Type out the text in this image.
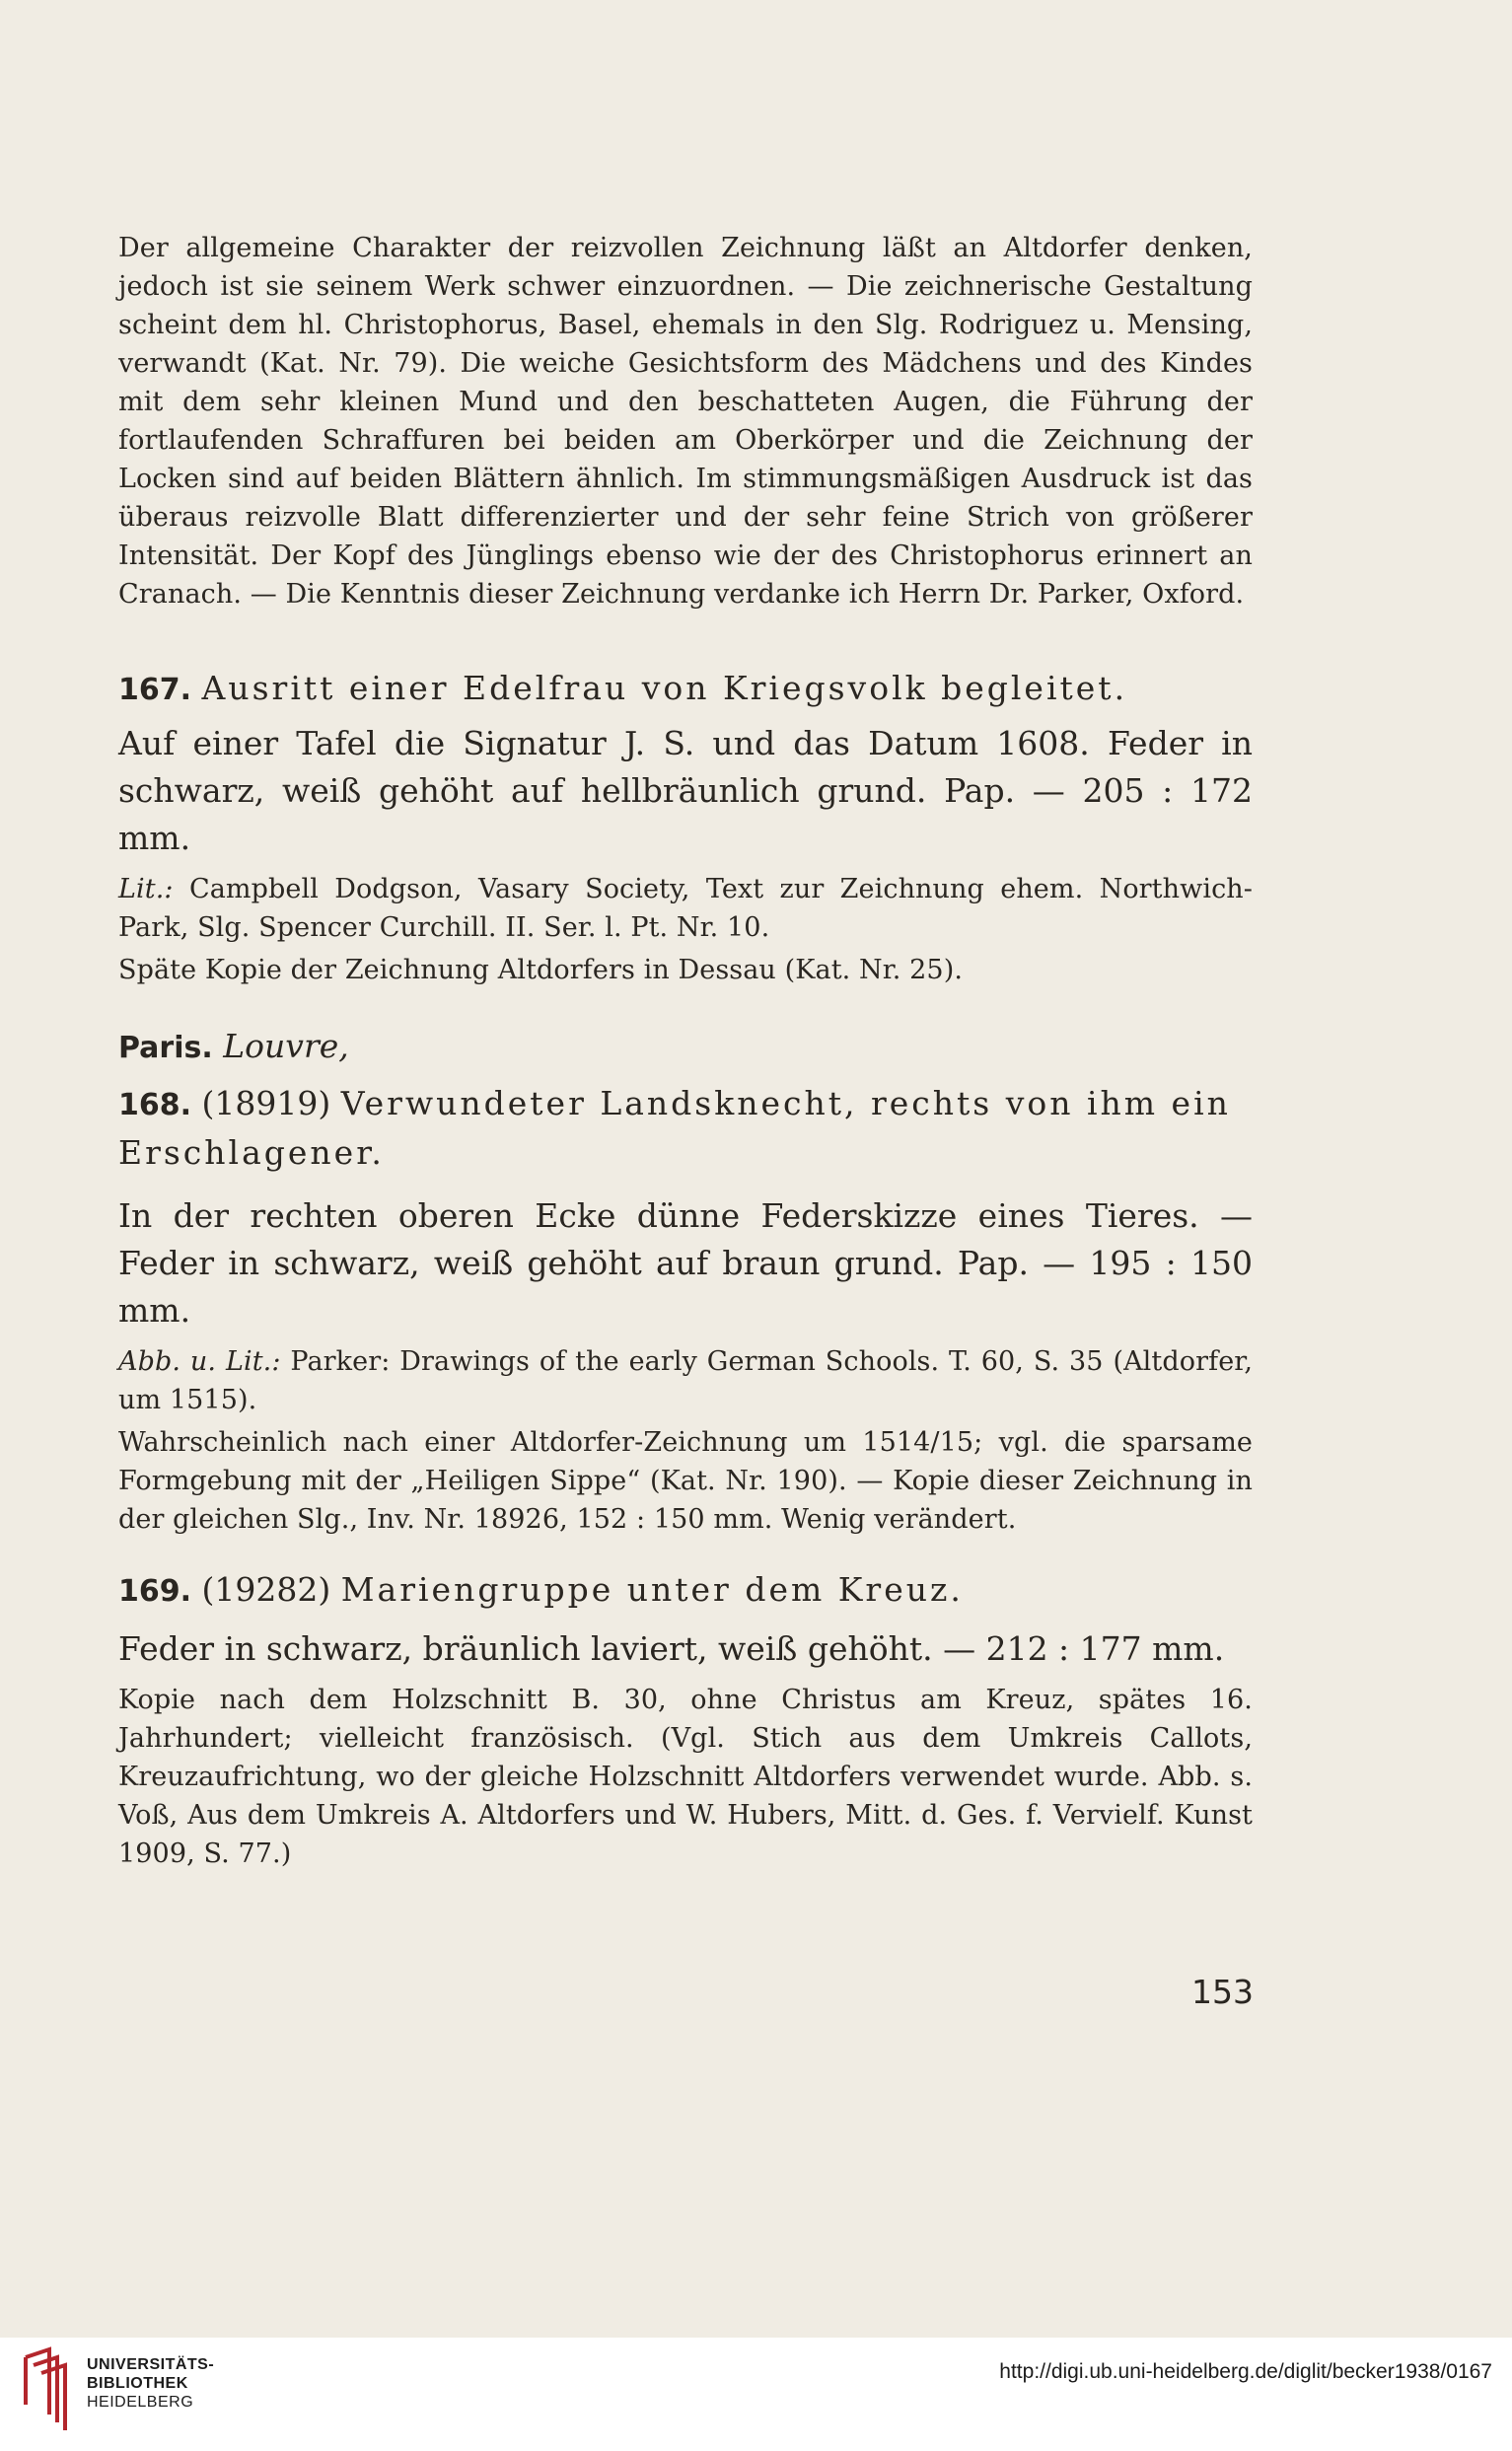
Der allgemeine Charakter der reizvollen Zeichnung läßt an Altdorfer denken, jedoch ist sie seinem Werk schwer einzuordnen. — Die zeichnerische Gestaltung scheint dem hl. Christophorus, Basel, ehemals in den Slg. Rodriguez u. Mensing, verwandt (Kat. Nr. 79). Die weiche Gesichtsform des Mädchens und des Kindes mit dem sehr kleinen Mund und den beschatteten Augen, die Führung der fortlaufenden Schraffuren bei beiden am Oberkörper und die Zeichnung der Locken sind auf beiden Blättern ähnlich. Im stimmungsmäßigen Ausdruck ist das überaus reizvolle Blatt differenzierter und der sehr feine Strich von größerer Intensität. Der Kopf des Jünglings ebenso wie der des Christophorus erinnert an Cranach. — Die Kenntnis dieser Zeichnung verdanke ich Herrn Dr. Parker, Oxford.

167. Ausritt einer Edelfrau von Kriegsvolk begleitet.

Auf einer Tafel die Signatur J. S. und das Datum 1608. Feder in schwarz, weiß gehöht auf hellbräunlich grund. Pap. — 205 : 172 mm.

Lit.: Campbell Dodgson, Vasary Society, Text zur Zeichnung ehem. Northwich-Park, Slg. Spencer Curchill. II. Ser. l. Pt. Nr. 10.

Späte Kopie der Zeichnung Altdorfers in Dessau (Kat. Nr. 25).

Paris. Louvre,

168. (18919) Verwundeter Landsknecht, rechts von ihm ein Erschlagener.

In der rechten oberen Ecke dünne Federskizze eines Tieres. — Feder in schwarz, weiß gehöht auf braun grund. Pap. — 195 : 150 mm.

Abb. u. Lit.: Parker: Drawings of the early German Schools. T. 60, S. 35 (Altdorfer, um 1515).

Wahrscheinlich nach einer Altdorfer-Zeichnung um 1514/15; vgl. die sparsame Formgebung mit der „Heiligen Sippe“ (Kat. Nr. 190). — Kopie dieser Zeichnung in der gleichen Slg., Inv. Nr. 18926, 152 : 150 mm. Wenig verändert.

169. (19282) Mariengruppe unter dem Kreuz.

Feder in schwarz, bräunlich laviert, weiß gehöht. — 212 : 177 mm.

Kopie nach dem Holzschnitt B. 30, ohne Christus am Kreuz, spätes 16. Jahrhundert; vielleicht französisch. (Vgl. Stich aus dem Umkreis Callots, Kreuzaufrichtung, wo der gleiche Holzschnitt Altdorfers verwendet wurde. Abb. s. Voß, Aus dem Umkreis A. Altdorfers und W. Hubers, Mitt. d. Ges. f. Vervielf. Kunst 1909, S. 77.)

153
UNIVERSITÄTS-
BIBLIOTHEK
HEIDELBERG
http://digi.ub.uni-heidelberg.de/diglit/becker1938/0167
